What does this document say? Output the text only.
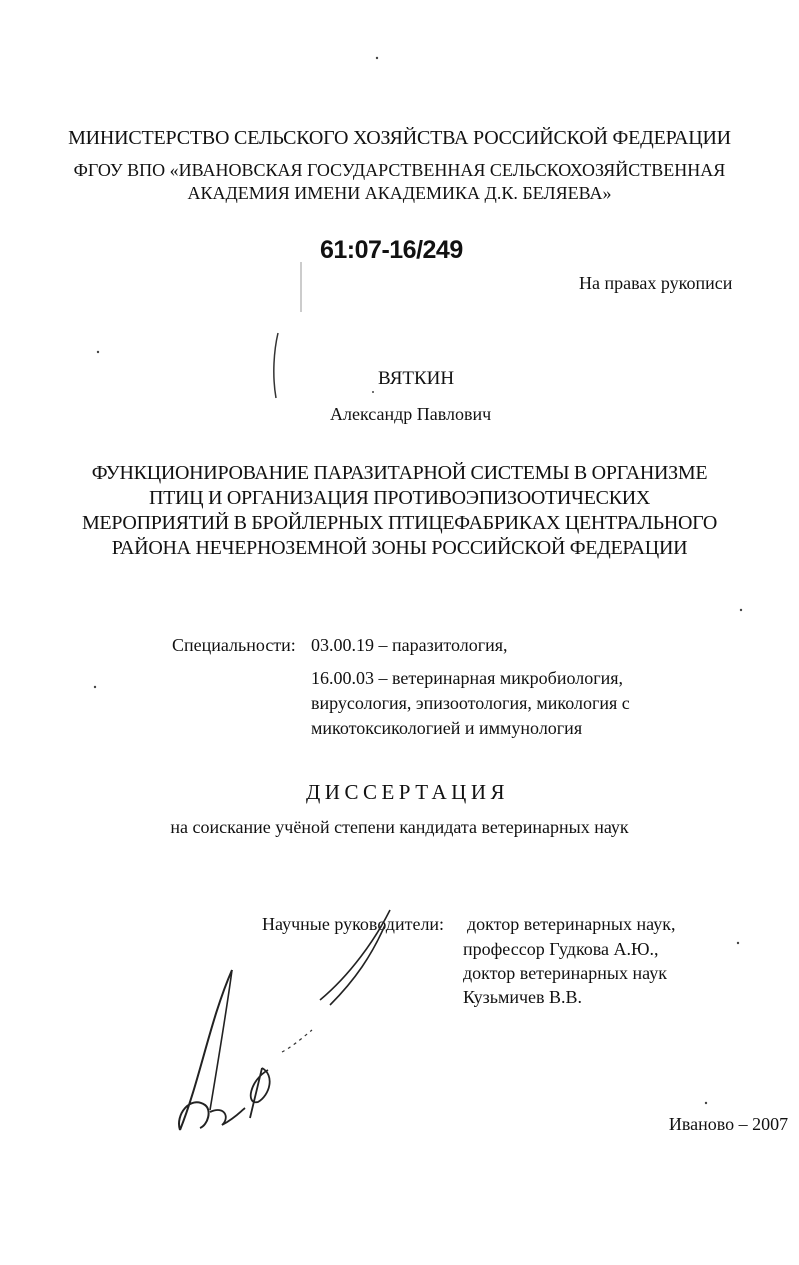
МИНИСТЕРСТВО СЕЛЬСКОГО ХОЗЯЙСТВА РОССИЙСКОЙ ФЕДЕРАЦИИ
ФГОУ ВПО «ИВАНОВСКАЯ ГОСУДАРСТВЕННАЯ СЕЛЬСКОХОЗЯЙСТВЕННАЯ
АКАДЕМИЯ ИМЕНИ АКАДЕМИКА Д.К. БЕЛЯЕВА»
61:07-16/249
На правах рукописи
ВЯТКИН
Александр Павлович
ФУНКЦИОНИРОВАНИЕ ПАРАЗИТАРНОЙ СИСТЕМЫ В ОРГАНИЗМЕ
ПТИЦ И ОРГАНИЗАЦИЯ ПРОТИВОЭПИЗООТИЧЕСКИХ
МЕРОПРИЯТИЙ В БРОЙЛЕРНЫХ ПТИЦЕФАБРИКАХ ЦЕНТРАЛЬНОГО
РАЙОНА НЕЧЕРНОЗЕМНОЙ ЗОНЫ РОССИЙСКОЙ ФЕДЕРАЦИИ
Специальности: 03.00.19 – паразитология,
16.00.03 – ветеринарная микробиология,
вирусология, эпизоотология, микология с
микотоксикологией и иммунология
ДИССЕРТАЦИЯ
на соискание учёной степени кандидата ветеринарных наук
Научные руководители: доктор ветеринарных наук,
профессор Гудкова А.Ю.,
доктор ветеринарных наук
Кузьмичев В.В.
Иваново – 2007
